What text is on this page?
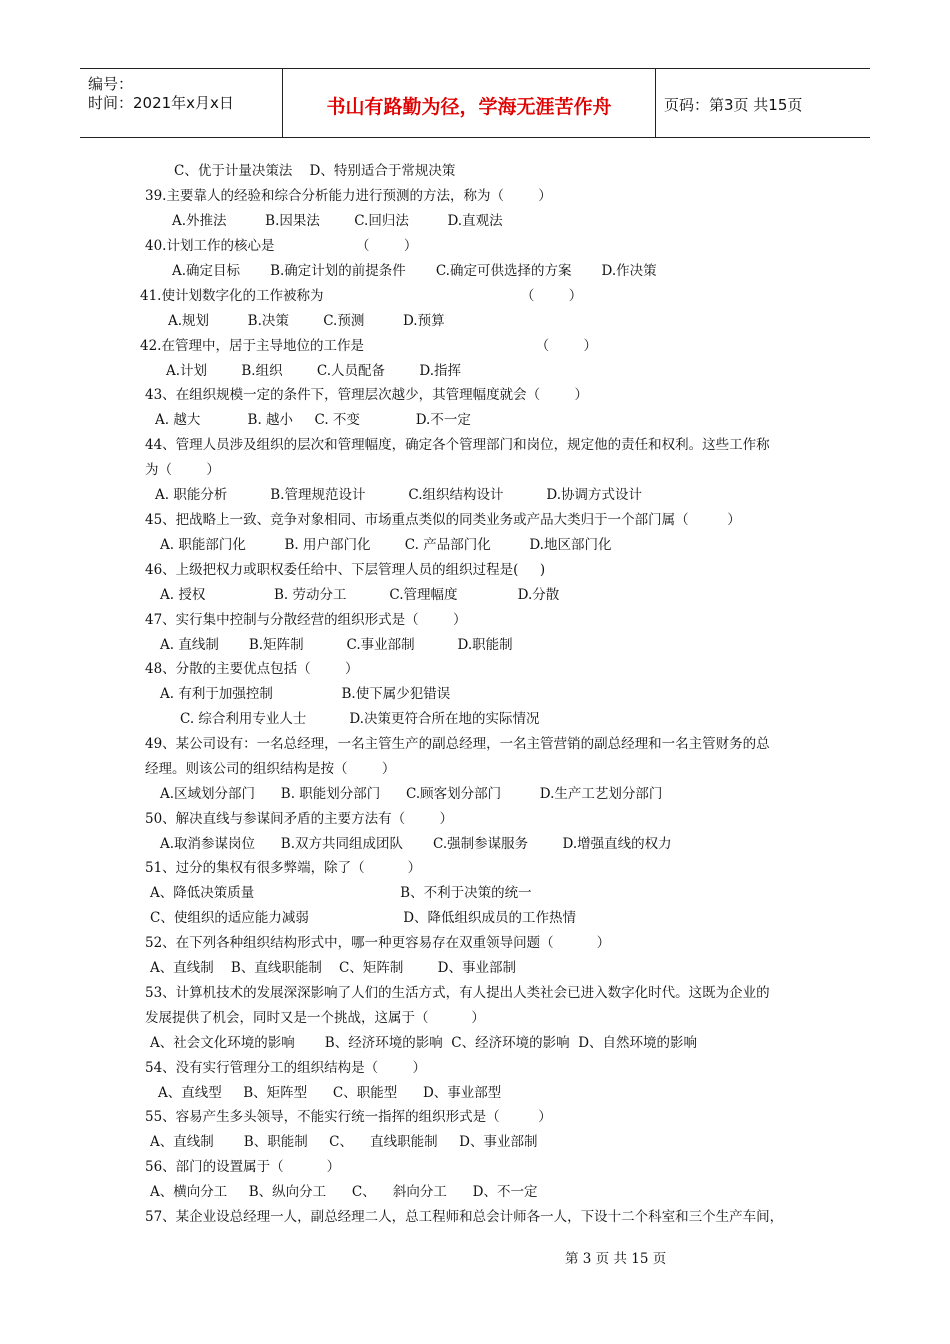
编号：
时间：2021年x月x日	书山有路勤为径，学海无涯苦作舟	页码：第3页 共15页

C、优于计量决策法    D、特别适合于常规决策

39.主要靠人的经验和综合分析能力进行预测的方法，称为（        ）

A.外推法         B.因果法        C.回归法         D.直观法

40.计划工作的核心是                   （        ）

A.确定目标       B.确定计划的前提条件       C.确定可供选择的方案       D.作决策

41.使计划数字化的工作被称为                                              （        ）

A.规划         B.决策        C.预测         D.预算

42.在管理中，居于主导地位的工作是                                        （        ）

A.计划        B.组织        C.人员配备        D.指挥

43、在组织规模一定的条件下，管理层次越少，其管理幅度就会（        ）

A. 越大           B. 越小     C. 不变             D.不一定

44、管理人员涉及组织的层次和管理幅度，确定各个管理部门和岗位，规定他的责任和权利。这些工作称

为（        ）

A. 职能分析          B.管理规范设计          C.组织结构设计          D.协调方式设计

45、把战略上一致、竞争对象相同、市场重点类似的同类业务或产品大类归于一个部门属（         ）

A. 职能部门化         B. 用户部门化        C. 产品部门化         D.地区部门化

46、上级把权力或职权委任给中、下层管理人员的组织过程是(     )

A. 授权                B. 劳动分工          C.管理幅度              D.分散

47、实行集中控制与分散经营的组织形式是（        ）

A. 直线制       B.矩阵制          C.事业部制          D.职能制

48、分散的主要优点包括（        ）

A. 有利于加强控制                B.使下属少犯错误

C. 综合利用专业人士          D.决策更符合所在地的实际情况

49、某公司设有：一名总经理，一名主管生产的副总经理，一名主管营销的副总经理和一名主管财务的总

经理。则该公司的组织结构是按（        ）

A.区域划分部门      B. 职能划分部门      C.顾客划分部门         D.生产工艺划分部门

50、解决直线与参谋间矛盾的主要方法有（        ）

A.取消参谋岗位      B.双方共同组成团队       C.强制参谋服务        D.增强直线的权力

51、过分的集权有很多弊端，除了（          ）

A、降低决策质量                                  B、不利于决策的统一

C、使组织的适应能力减弱                      D、降低组织成员的工作热情

52、在下列各种组织结构形式中，哪一种更容易存在双重领导问题（          ）

A、直线制    B、直线职能制    C、矩阵制        D、事业部制

53、计算机技术的发展深深影响了人们的生活方式，有人提出人类社会已进入数字化时代。这既为企业的

发展提供了机会，同时又是一个挑战，这属于（          ）

A、社会文化环境的影响       B、经济环境的影响  C、经济环境的影响  D、自然环境的影响

54、没有实行管理分工的组织结构是（        ）

A、直线型     B、矩阵型      C、职能型      D、事业部型

55、容易产生多头领导，不能实行统一指挥的组织形式是（         ）

A、直线制       B、职能制     C、    直线职能制     D、事业部制

56、部门的设置属于（          ）

A、横向分工     B、纵向分工      C、    斜向分工      D、不一定

57、某企业设总经理一人，副总经理二人，总工程师和总会计师各一人，下设十二个科室和三个生产车间，

第 3 页 共 15 页
